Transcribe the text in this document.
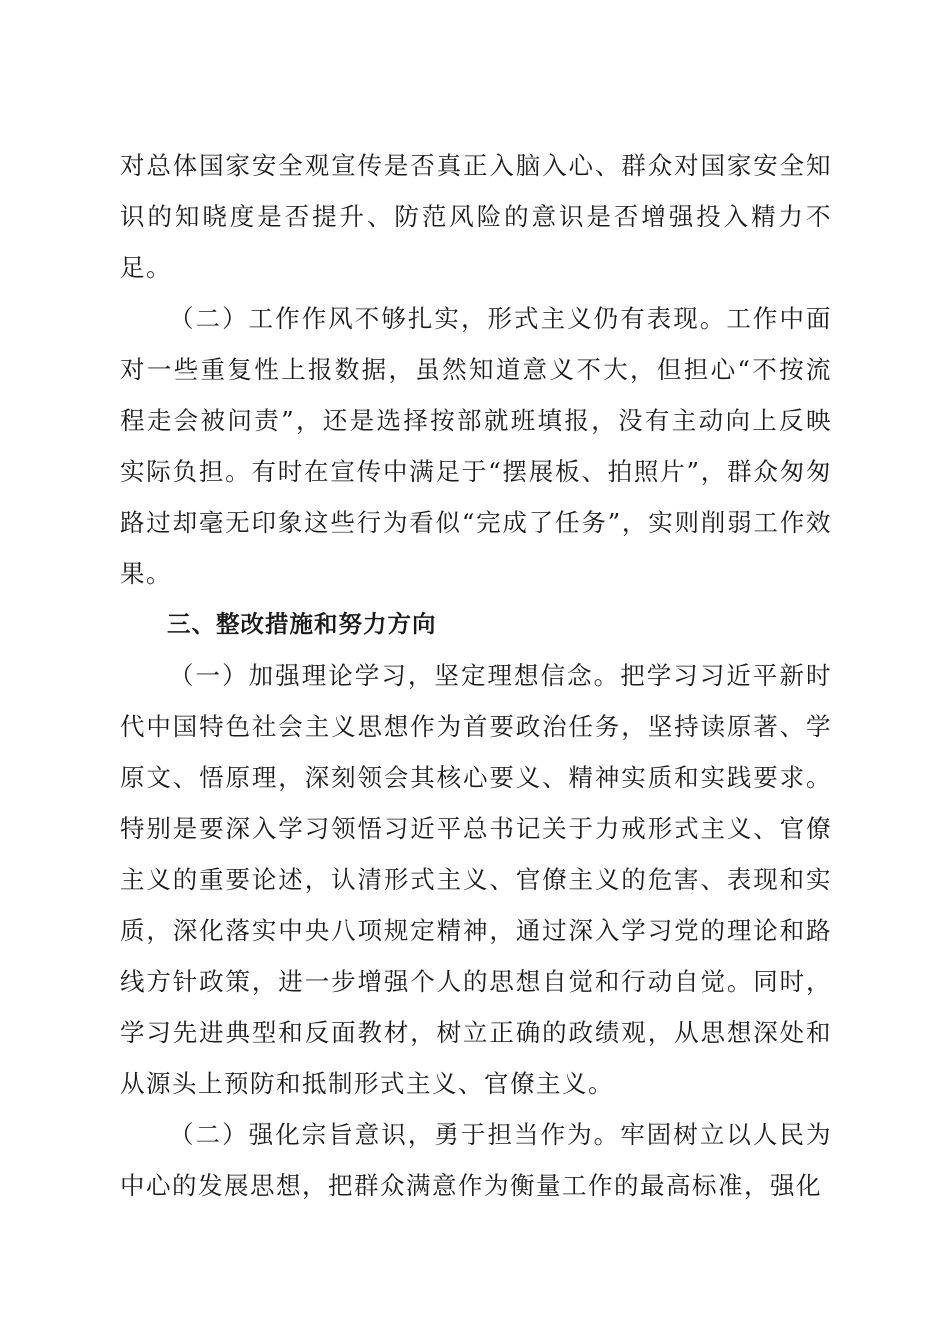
对总体国家安全观宣传是否真正入脑入心、群众对国家安全知识的知晓度是否提升、防范风险的意识是否增强投入精力不足。

（二）工作作风不够扎实，形式主义仍有表现。工作中面对一些重复性上报数据，虽然知道意义不大，但担心“不按流程走会被问责”，还是选择按部就班填报，没有主动向上反映实际负担。有时在宣传中满足于“摆展板、拍照片”，群众匆匆路过却毫无印象这些行为看似“完成了任务”，实则削弱工作效果。

三、整改措施和努力方向

（一）加强理论学习，坚定理想信念。把学习习近平新时代中国特色社会主义思想作为首要政治任务，坚持读原著、学原文、悟原理，深刻领会其核心要义、精神实质和实践要求。特别是要深入学习领悟习近平总书记关于力戒形式主义、官僚主义的重要论述，认清形式主义、官僚主义的危害、表现和实质，深化落实中央八项规定精神，通过深入学习党的理论和路线方针政策，进一步增强个人的思想自觉和行动自觉。同时，学习先进典型和反面教材，树立正确的政绩观，从思想深处和从源头上预防和抵制形式主义、官僚主义。

（二）强化宗旨意识，勇于担当作为。牢固树立以人民为中心的发展思想，把群众满意作为衡量工作的最高标准，强化
